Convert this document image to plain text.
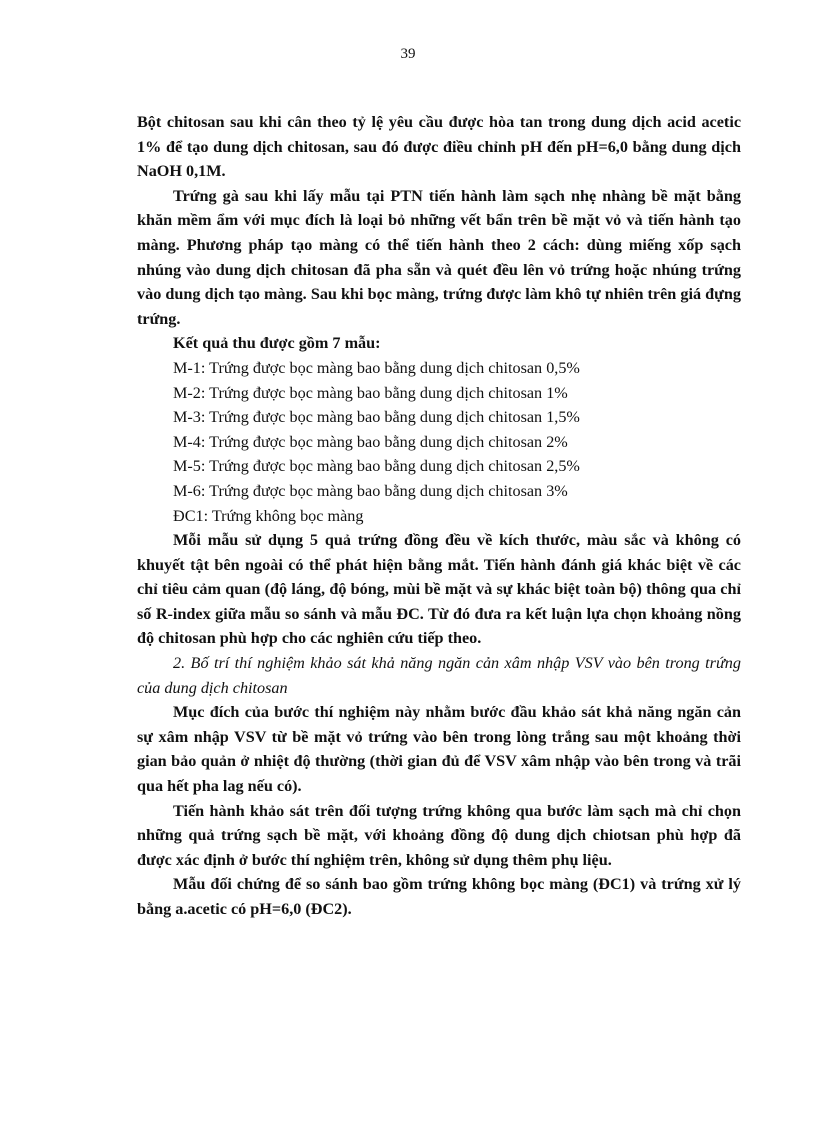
39

Bột chitosan sau khi cân theo tỷ lệ yêu cầu được hòa tan trong dung dịch acid acetic 1% để tạo dung dịch chitosan, sau đó được điều chỉnh pH đến pH=6,0 bằng dung dịch NaOH 0,1M.

Trứng gà sau khi lấy mẫu tại PTN tiến hành làm sạch nhẹ nhàng bề mặt bằng khăn mềm ẩm với mục đích là loại bỏ những vết bẩn trên bề mặt vỏ và tiến hành tạo màng. Phương pháp tạo màng có thể tiến hành theo 2 cách: dùng miếng xốp sạch nhúng vào dung dịch chitosan đã pha sẵn và quét đều lên vỏ trứng hoặc nhúng trứng vào dung dịch tạo màng. Sau khi bọc màng, trứng được làm khô tự nhiên trên giá đựng trứng.

Kết quả thu được gồm 7 mẫu:

M-1: Trứng được bọc màng bao bằng dung dịch chitosan 0,5%

M-2: Trứng được bọc màng bao bằng dung dịch chitosan 1%

M-3: Trứng được bọc màng bao bằng dung dịch chitosan 1,5%

M-4: Trứng được bọc màng bao bằng dung dịch chitosan 2%

M-5: Trứng được bọc màng bao bằng dung dịch chitosan 2,5%

M-6: Trứng được bọc màng bao bằng dung dịch chitosan 3%

ĐC1: Trứng không bọc màng

Mỗi mẫu sử dụng 5 quả trứng đồng đều về kích thước, màu sắc và không có khuyết tật bên ngoài có thể phát hiện bằng mắt. Tiến hành đánh giá khác biệt về các chỉ tiêu cảm quan (độ láng, độ bóng, mùi bề mặt và sự khác biệt toàn bộ) thông qua chỉ số R-index giữa mẫu so sánh và mẫu ĐC. Từ đó đưa ra kết luận lựa chọn khoảng nồng độ chitosan phù hợp cho các nghiên cứu tiếp theo.

2. Bố trí thí nghiệm khảo sát khả năng ngăn cản xâm nhập VSV vào bên trong trứng của dung dịch chitosan

Mục đích của bước thí nghiệm này nhằm bước đầu khảo sát khả năng ngăn cản sự xâm nhập VSV từ bề mặt vỏ trứng vào bên trong lòng trắng sau một khoảng thời gian bảo quản ở nhiệt độ thường (thời gian đủ để VSV xâm nhập vào bên trong và trãi qua hết pha lag nếu có).

Tiến hành khảo sát trên đối tượng trứng không qua bước làm sạch mà chỉ chọn những quả trứng sạch bề mặt, với khoảng đồng độ dung dịch chiotsan phù hợp đã được xác định ở bước thí nghiệm trên, không sử dụng thêm phụ liệu.

Mẫu đối chứng để so sánh bao gồm trứng không bọc màng (ĐC1) và trứng xử lý bằng a.acetic có pH=6,0 (ĐC2).
